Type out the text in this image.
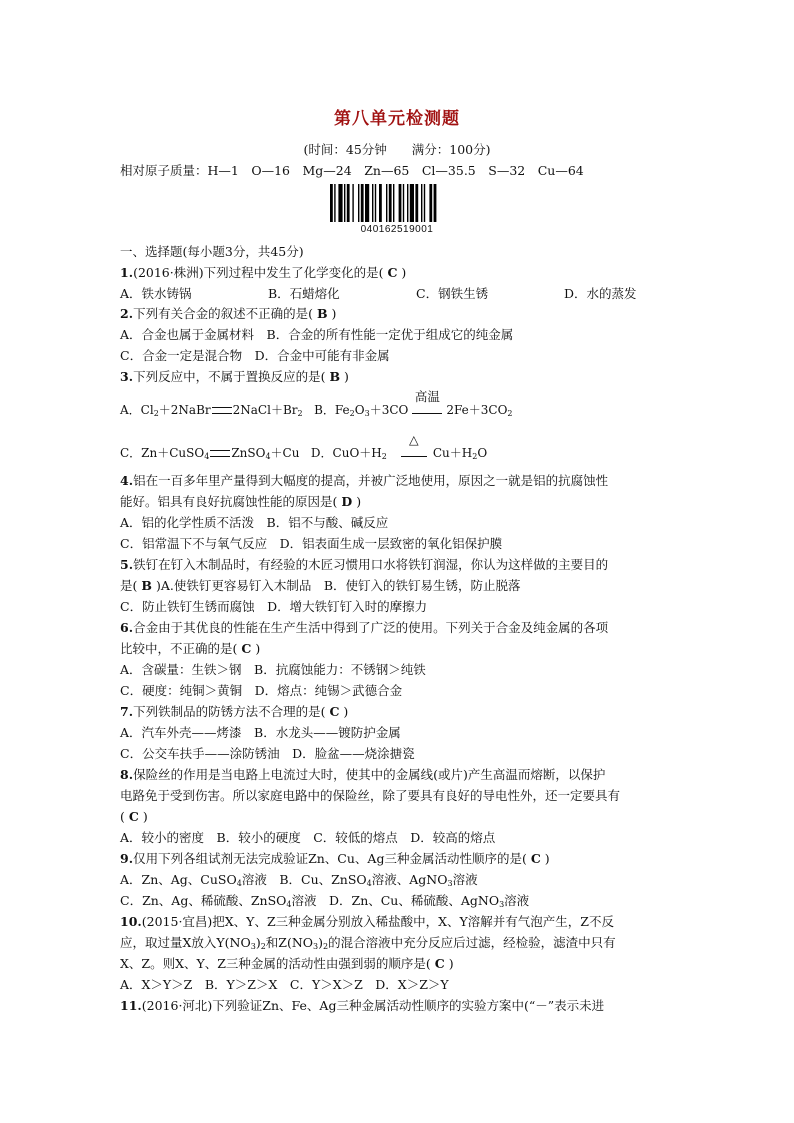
第八单元检测题
(时间：45分钟　　满分：100分)
相对原子质量：H—1　O—16　Mg—24　Zn—65　Cl—35.5　S—32　Cu—64
040162519001
一、选择题(每小题3分，共45分)
1.(2016·株洲)下列过程中发生了化学变化的是( C )
A．铁水铸锅	B．石蜡熔化	C．钢铁生锈	D．水的蒸发
2.下列有关合金的叙述不正确的是( B )
A．合金也属于金属材料　B．合金的所有性能一定优于组成它的纯金属
C．合金一定是混合物　D．合金中可能有非金属
3.下列反应中，不属于置换反应的是( B )
A．$Cl_2+2NaBr$ $2NaCl+Br_2$ B．$Fe_2O_3+3CO$
高温
$2Fe+3CO_2$
C．Zn＋CuSO$_4$ ZnSO$_4$＋Cu D．$CuO+H_2$
△
$Cu+H_2O$
4.铝在一百多年里产量得到大幅度的提高，并被广泛地使用，原因之一就是铝的抗腐蚀性
能好。铝具有良好抗腐蚀性能的原因是( D )
A．铝的化学性质不活泼　B．铝不与酸、碱反应
C．铝常温下不与氧气反应　D．铝表面生成一层致密的氧化铝保护膜
5.铁钉在钉入木制品时，有经验的木匠习惯用口水将铁钉润湿，你认为这样做的主要目的
是( B )A.使铁钉更容易钉入木制品　B．使钉入的铁钉易生锈，防止脱落
C．防止铁钉生锈而腐蚀　D．增大铁钉钉入时的摩擦力
6.合金由于其优良的性能在生产生活中得到了广泛的使用。下列关于合金及纯金属的各项
比较中，不正确的是( C )
A．含碳量：生铁＞钢　B．抗腐蚀能力：不锈钢＞纯铁
C．硬度：纯铜＞黄铜　D．熔点：纯锡＞武德合金
7.下列铁制品的防锈方法不合理的是( C )
A．汽车外壳——烤漆　B．水龙头——镀防护金属
C．公交车扶手——涂防锈油　D．脸盆——烧涂搪瓷
8.保险丝的作用是当电路上电流过大时，使其中的金属线(或片)产生高温而熔断，以保护
电路免于受到伤害。所以家庭电路中的保险丝，除了要具有良好的导电性外，还一定要具有
( C )
A．较小的密度　B．较小的硬度　C．较低的熔点　D．较高的熔点
9.仅用下列各组试剂无法完成验证Zn、Cu、Ag三种金属活动性顺序的是( C )
A．Zn、Ag、CuSO$_4$溶液　B．Cu、ZnSO$_4$溶液、AgNO$_3$溶液
C．Zn、Ag、稀硫酸、ZnSO$_4$溶液　D．Zn、Cu、稀硫酸、AgNO$_3$溶液
10.(2015·宜昌)把X、Y、Z三种金属分别放入稀盐酸中，X、Y溶解并有气泡产生，Z不反
应，取过量X放入$Y(NO_3)_2$和$Z(NO_3)_2$的混合溶液中充分反应后过滤，经检验，滤渣中只有
X、Z。则X、Y、Z三种金属的活动性由强到弱的顺序是( C )
A．X＞Y＞Z　B．Y＞Z＞X　C．Y＞X＞Z　D．X＞Z＞Y
11.(2016·河北)下列验证Zn、Fe、Ag三种金属活动性顺序的实验方案中(“－”表示未进
